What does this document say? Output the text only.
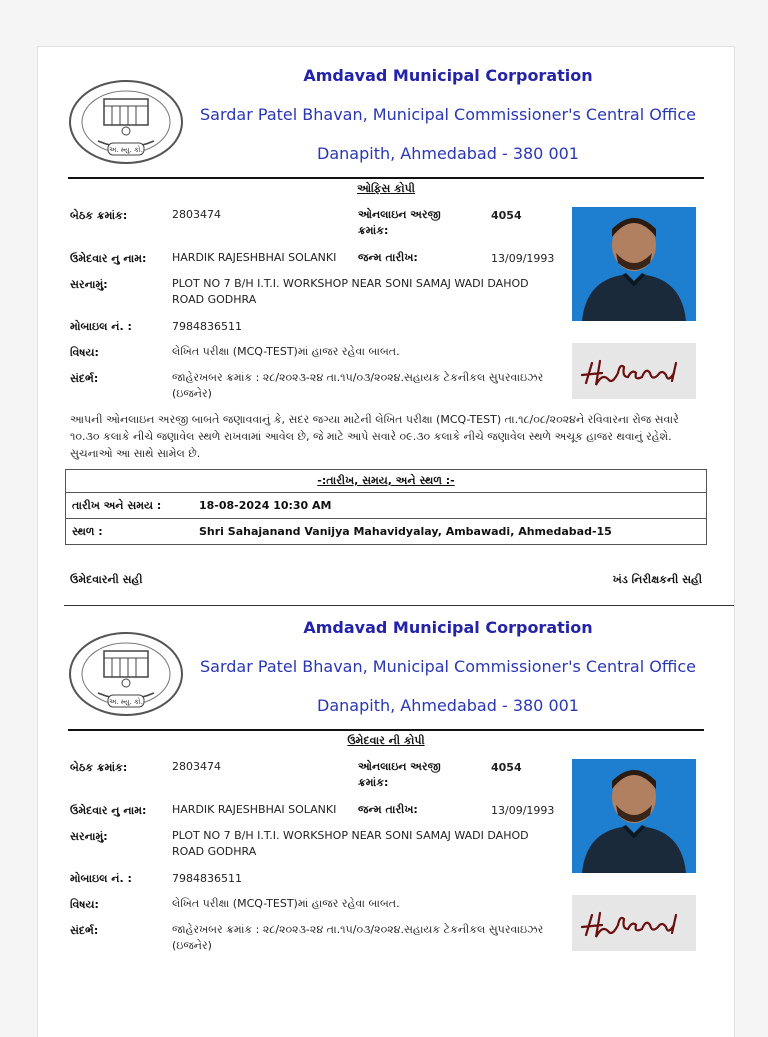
અ. મ્યુ. કો.
Amdavad Municipal Corporation
Sardar Patel Bhavan, Municipal Commissioner's Central Office
Danapith, Ahmedabad - 380 001
ઓફિસ કોપી
બેઠક ક્રમાંક:	2803474	ઓનલાઇન અરજી ક્રમાંક:
4054
ઉમેદવાર નુ નામ: HARDIK RAJESHBHAI SOLANKI જન્મ તારીખ:	13/09/1993
સરનામું:	PLOT NO 7 B/H I.T.I. WORKSHOP NEAR SONI SAMAJ WADI DAHOD ROAD GODHRA
મોબાઇલ નં. :	7984836511
વિષય:	લેખિત પરીક્ષા (MCQ-TEST)માં હાજર રહેવા બાબત.
સંદર્ભ:	જાહેરખબર ક્રમાંક : ૨૮/૨૦૨૩-૨૪ તા.૧૫/૦૩/૨૦૨૪.સહાયક ટેકનીકલ સુપરવાઇઝર (ઇજનેર)
આપની ઓનલાઇન અરજી બાબતે જણાવવાનું કે, સદર જગ્યા માટેની લેખિત પરીક્ષા (MCQ-TEST) તા.૧૮/૦૮/૨૦૨૪ને રવિવારના રોજ સવારે ૧૦.૩૦ કલાકે નીચે જણાવેલ સ્થળે રાખવામાં આવેલ છે, જે માટે આપે સવારે ૦૯.૩૦ કલાકે નીચે જણાવેલ સ્થળે અચૂક હાજર થવાનું રહેશે. સુચનાઓ આ સાથે સામેલ છે.
-:તારીખ, સમય, અને સ્થળ :-
તારીખ અને સમય :	18-08-2024 10:30 AM
સ્થળ :	Shri Sahajanand Vanijya Mahavidyalay, Ambawadi, Ahmedabad-15
ઉમેદવારની સહી	ખંડ નિરીક્ષકની સહી
અ. મ્યુ. કો.
Amdavad Municipal Corporation
Sardar Patel Bhavan, Municipal Commissioner's Central Office
Danapith, Ahmedabad - 380 001
ઉમેદવાર ની કોપી
બેઠક ક્રમાંક:	2803474	ઓનલાઇન અરજી ક્રમાંક:
4054
ઉમેદવાર નુ નામ: HARDIK RAJESHBHAI SOLANKI જન્મ તારીખ:	13/09/1993
સરનામું:	PLOT NO 7 B/H I.T.I. WORKSHOP NEAR SONI SAMAJ WADI DAHOD ROAD GODHRA
મોબાઇલ નં. :	7984836511
વિષય:	લેખિત પરીક્ષા (MCQ-TEST)માં હાજર રહેવા બાબત.
સંદર્ભ:	જાહેરખબર ક્રમાંક : ૨૮/૨૦૨૩-૨૪ તા.૧૫/૦૩/૨૦૨૪.સહાયક ટેકનીકલ સુપરવાઇઝર (ઇજનેર)
